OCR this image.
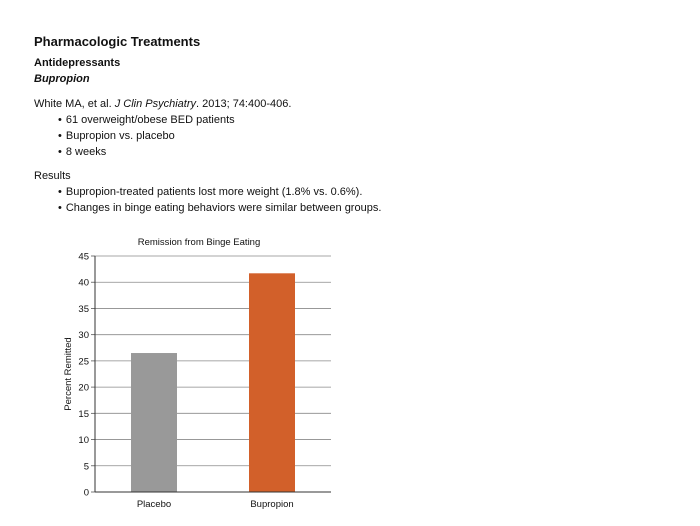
Pharmacologic Treatments
Antidepressants
Bupropion
White MA, et al. J Clin Psychiatry. 2013; 74:400-406.
• 61 overweight/obese BED patients
• Bupropion vs. placebo
• 8 weeks
Results
• Bupropion-treated patients lost more weight (1.8% vs. 0.6%).
• Changes in binge eating behaviors were similar between groups.
Remission from Binge Eating
Percent Remitted
0
5
10
15
20
25
30
35
40
45
Placebo	Bupropion
